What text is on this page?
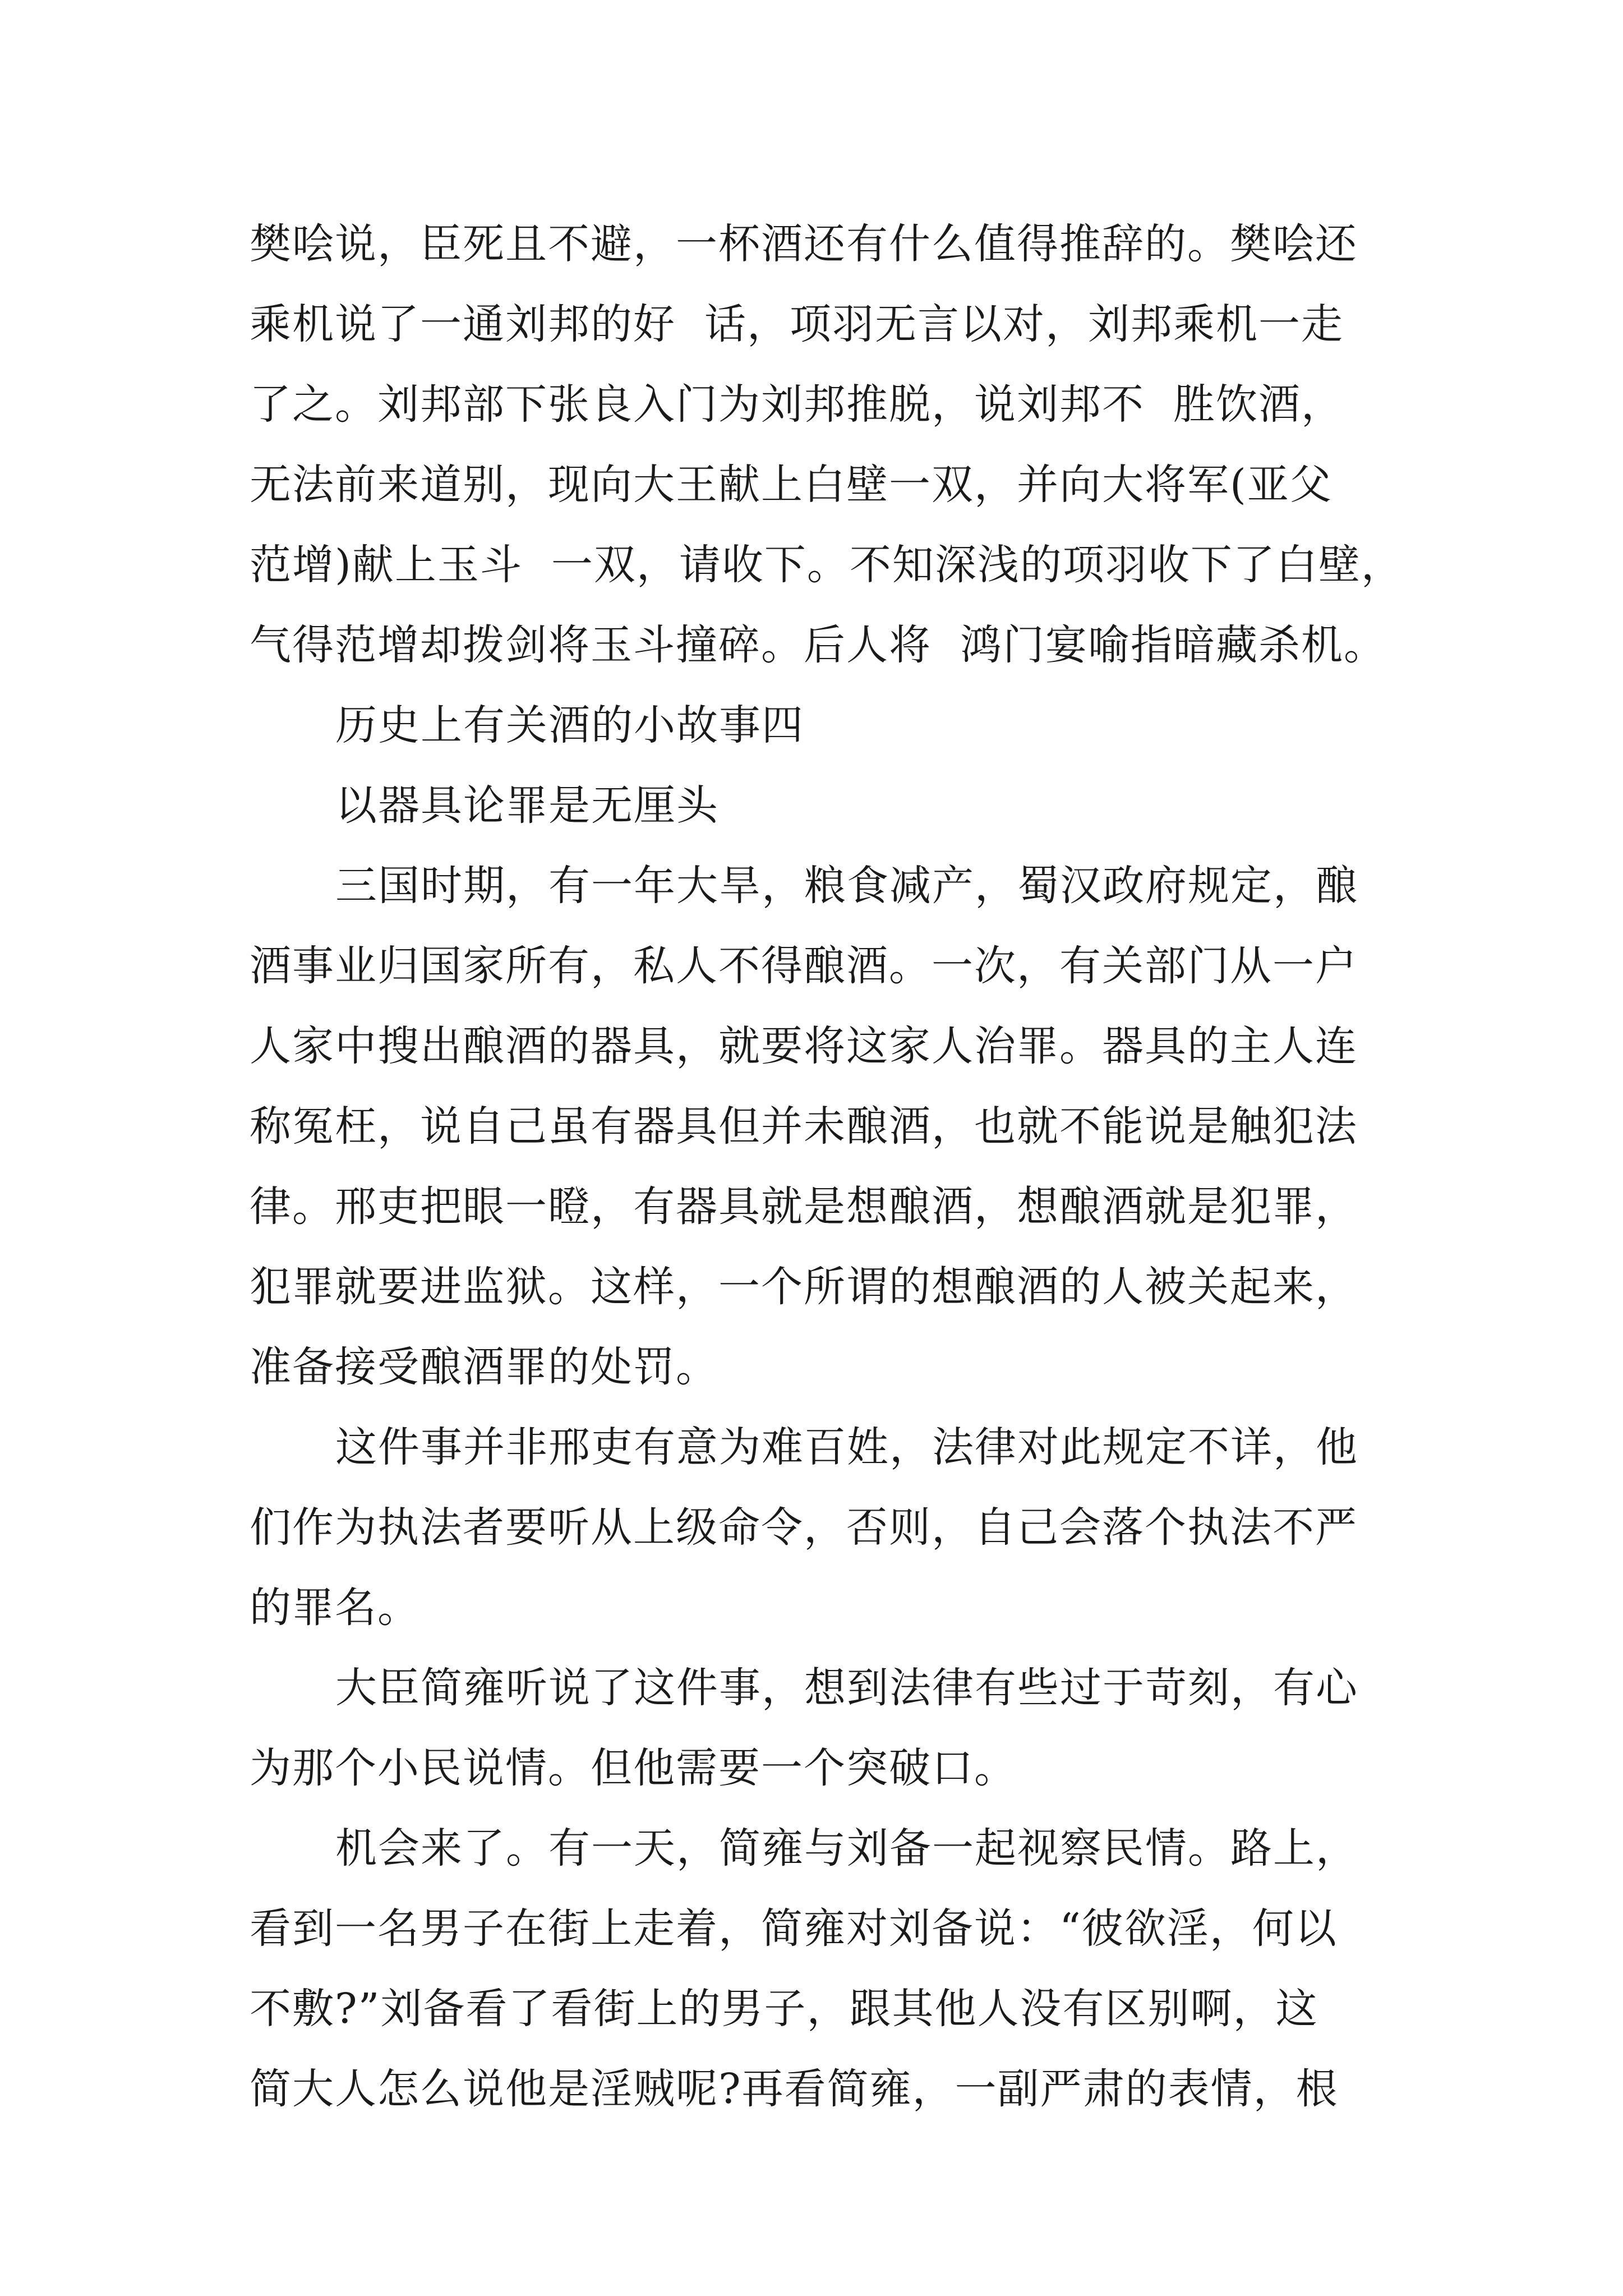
樊哙说，臣死且不避，一杯酒还有什么值得推辞的。樊哙还
乘机说了一通刘邦的好  话，项羽无言以对，刘邦乘机一走
了之。刘邦部下张良入门为刘邦推脱，说刘邦不  胜饮酒，
无法前来道别，现向大王献上白壁一双，并向大将军(亚父
范增)献上玉斗  一双，请收下。不知深浅的项羽收下了白壁，
气得范增却拨剑将玉斗撞碎。后人将  鸿门宴喻指暗藏杀机。
历史上有关酒的小故事四
以器具论罪是无厘头
三国时期，有一年大旱，粮食减产，蜀汉政府规定，酿
酒事业归国家所有，私人不得酿酒。一次，有关部门从一户
人家中搜出酿酒的器具，就要将这家人治罪。器具的主人连
称冤枉，说自己虽有器具但并未酿酒，也就不能说是触犯法
律。邢吏把眼一瞪，有器具就是想酿酒，想酿酒就是犯罪，
犯罪就要进监狱。这样，一个所谓的想酿酒的人被关起来，
准备接受酿酒罪的处罚。
这件事并非邢吏有意为难百姓，法律对此规定不详，他
们作为执法者要听从上级命令，否则，自己会落个执法不严
的罪名。
大臣简雍听说了这件事，想到法律有些过于苛刻，有心
为那个小民说情。但他需要一个突破口。
机会来了。有一天，简雍与刘备一起视察民情。路上，
看到一名男子在街上走着，简雍对刘备说：“彼欲淫，何以
不敷?”刘备看了看街上的男子，跟其他人没有区别啊，这
简大人怎么说他是淫贼呢?再看简雍，一副严肃的表情，根
